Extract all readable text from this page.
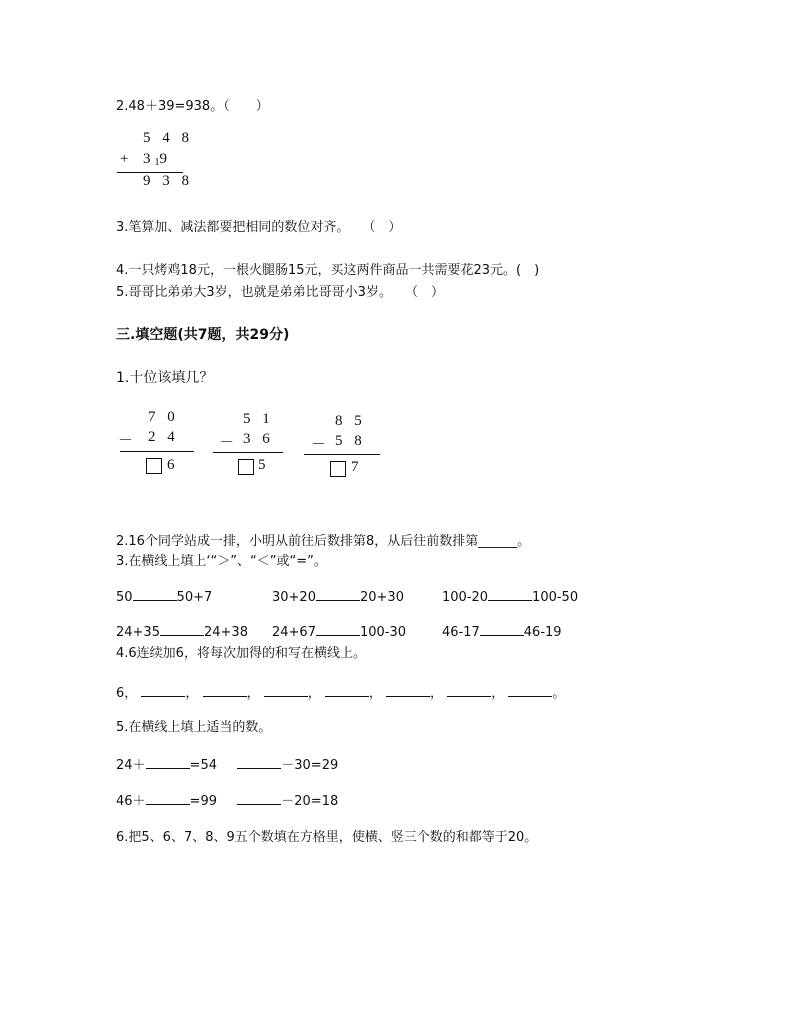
2.48＋39=938。（　　）
5 4 8
+ $3_19$
9 3 8
3.笔算加、减法都要把相同的数位对齐。　　（　）
4.一只烤鸡18元，一根火腿肠15元，买这两件商品一共需要花23元。(　)
5.哥哥比弟弟大3岁，也就是弟弟比哥哥小3岁。　　（　）
三.填空题(共7题，共29分)
1.十位该填几？
7 0
－ 2 4
6
5 1
－ 3 6
5
8 5
－ 5 8
7
2.16个同学站成一排，小明从前往后数排第8，从后往前数排第______。
3.在横线上填上‘“＞”、“＜”或“=”。
50	50+7	30+20	20+30	100-20	100-50
24+35	24+38 24+67	100-30	46-17	46-19
4.6连续加6，将每次加得的和写在横线上。
6，	，	，	，	，	，	，	。
5.在横线上填上适当的数。
24＋	=54	－30=29
46＋	=99	－20=18
6.把5、6、7、8、9五个数填在方格里，使横、竖三个数的和都等于20。
